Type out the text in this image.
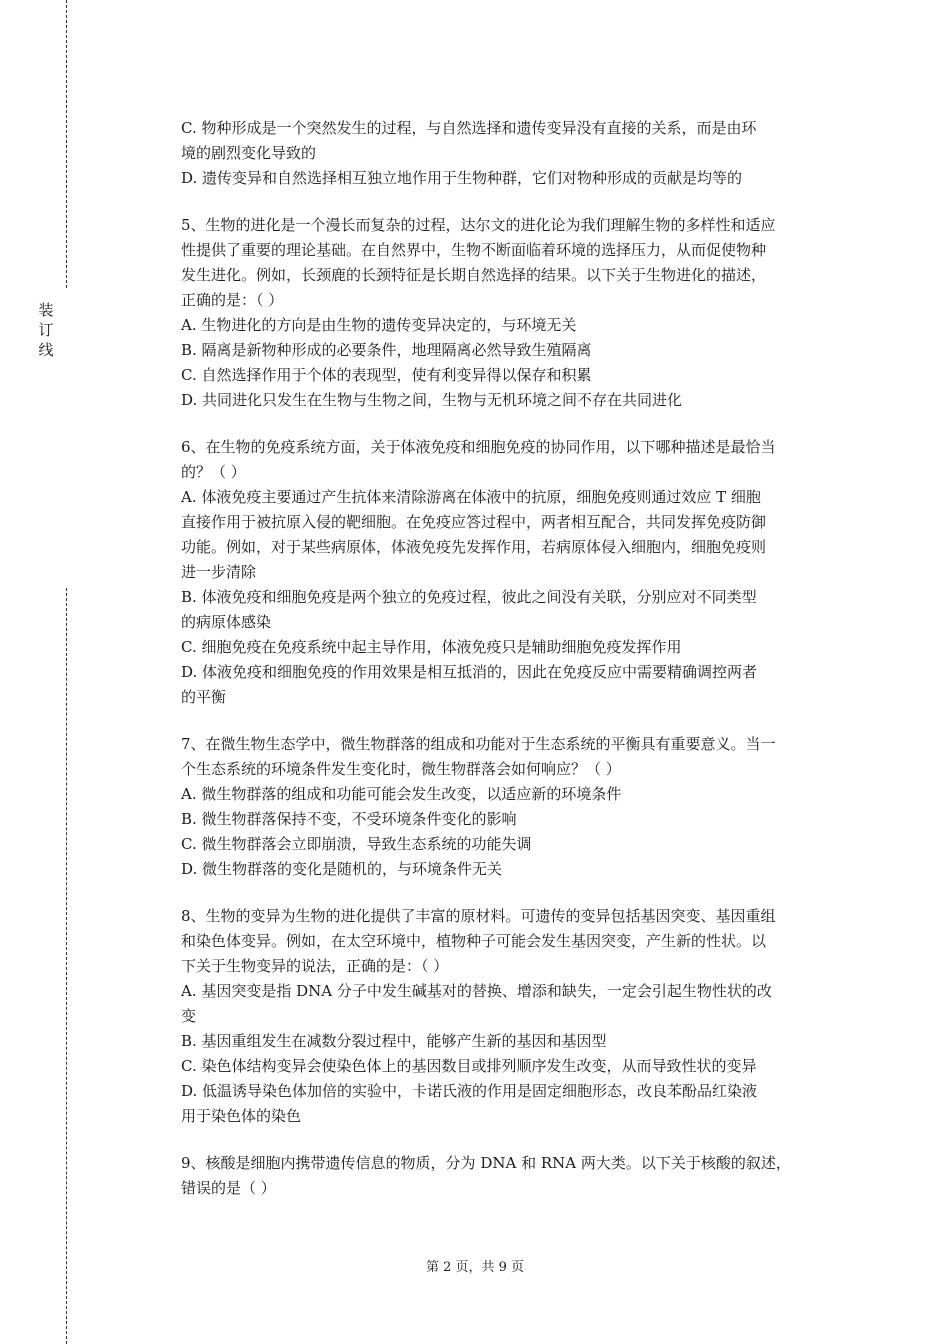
装订线
C. 物种形成是一个突然发生的过程，与自然选择和遗传变异没有直接的关系，而是由环
境的剧烈变化导致的
D. 遗传变异和自然选择相互独立地作用于生物种群，它们对物种形成的贡献是均等的
5、生物的进化是一个漫长而复杂的过程，达尔文的进化论为我们理解生物的多样性和适应
性提供了重要的理论基础。在自然界中，生物不断面临着环境的选择压力，从而促使物种
发生进化。例如，长颈鹿的长颈特征是长期自然选择的结果。以下关于生物进化的描述，
正确的是：（ ）
A. 生物进化的方向是由生物的遗传变异决定的，与环境无关
B. 隔离是新物种形成的必要条件，地理隔离必然导致生殖隔离
C. 自然选择作用于个体的表现型，使有利变异得以保存和积累
D. 共同进化只发生在生物与生物之间，生物与无机环境之间不存在共同进化
6、在生物的免疫系统方面，关于体液免疫和细胞免疫的协同作用，以下哪种描述是最恰当
的？（ ）
A. 体液免疫主要通过产生抗体来清除游离在体液中的抗原，细胞免疫则通过效应 T 细胞
直接作用于被抗原入侵的靶细胞。在免疫应答过程中，两者相互配合，共同发挥免疫防御
功能。例如，对于某些病原体，体液免疫先发挥作用，若病原体侵入细胞内，细胞免疫则
进一步清除
B. 体液免疫和细胞免疫是两个独立的免疫过程，彼此之间没有关联，分别应对不同类型
的病原体感染
C. 细胞免疫在免疫系统中起主导作用，体液免疫只是辅助细胞免疫发挥作用
D. 体液免疫和细胞免疫的作用效果是相互抵消的，因此在免疫反应中需要精确调控两者
的平衡
7、在微生物生态学中，微生物群落的组成和功能对于生态系统的平衡具有重要意义。当一
个生态系统的环境条件发生变化时，微生物群落会如何响应？（ ）
A. 微生物群落的组成和功能可能会发生改变，以适应新的环境条件
B. 微生物群落保持不变，不受环境条件变化的影响
C. 微生物群落会立即崩溃，导致生态系统的功能失调
D. 微生物群落的变化是随机的，与环境条件无关
8、生物的变异为生物的进化提供了丰富的原材料。可遗传的变异包括基因突变、基因重组
和染色体变异。例如，在太空环境中，植物种子可能会发生基因突变，产生新的性状。以
下关于生物变异的说法，正确的是：（ ）
A. 基因突变是指 DNA 分子中发生碱基对的替换、增添和缺失，一定会引起生物性状的改
变
B. 基因重组发生在减数分裂过程中，能够产生新的基因和基因型
C. 染色体结构变异会使染色体上的基因数目或排列顺序发生改变，从而导致性状的变异
D. 低温诱导染色体加倍的实验中，卡诺氏液的作用是固定细胞形态，改良苯酚品红染液
用于染色体的染色
9、核酸是细胞内携带遗传信息的物质，分为 DNA 和 RNA 两大类。以下关于核酸的叙述，
错误的是（ ）
第 2 页，共 9 页
